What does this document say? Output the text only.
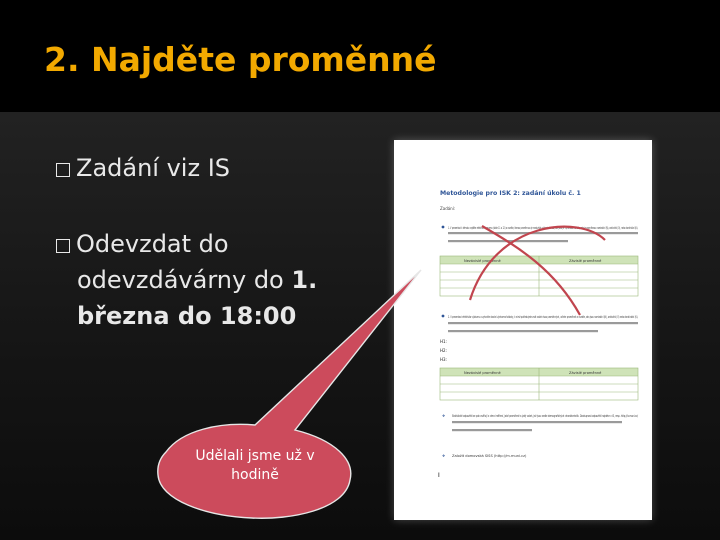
2. Najděte proměnné
Zadání viz IS
Odevzdat do
odevzdávárny do 1.
března do 18:00
Metodologie pro ISK 2: zadání úkolu č. 1
Zadání:
1. V prezentaci k tématu najděte efektivní vyznamu (slide 11 a 12) a uveďte, kterou proměnnou je nezávislá a která závislá, tak jako je v příkladu nahoře, zda je proměnnou nominální (N), ordinální (O), nebo kardinální (K).
Nezávislé proměnné	Závislé proměnné
2. V prezentaci efektivita výzkumu a vytvořte vlastní výzkumné otázky, k nimž potřebujete znát vztah dvou proměnných, určete proměnné a uveďte, zda jsou nominální (N), ordinální (O) nebo kardinální (K).
H1:
H2:
H3:
Nezávislé proměnné	Závislé proměnné
❖ Statistické odpovědi se pak ověřují v rámci měření, jaké proměnné a jaký vztah, jež jsou vedle demografických charakteristik. Dostupnost odpovědí najdete v IS, resp. http://is.muni.cz/
❖ Založit domovská SISS (http://m.muni.cz)
I
Udělali jsme už v hodině
